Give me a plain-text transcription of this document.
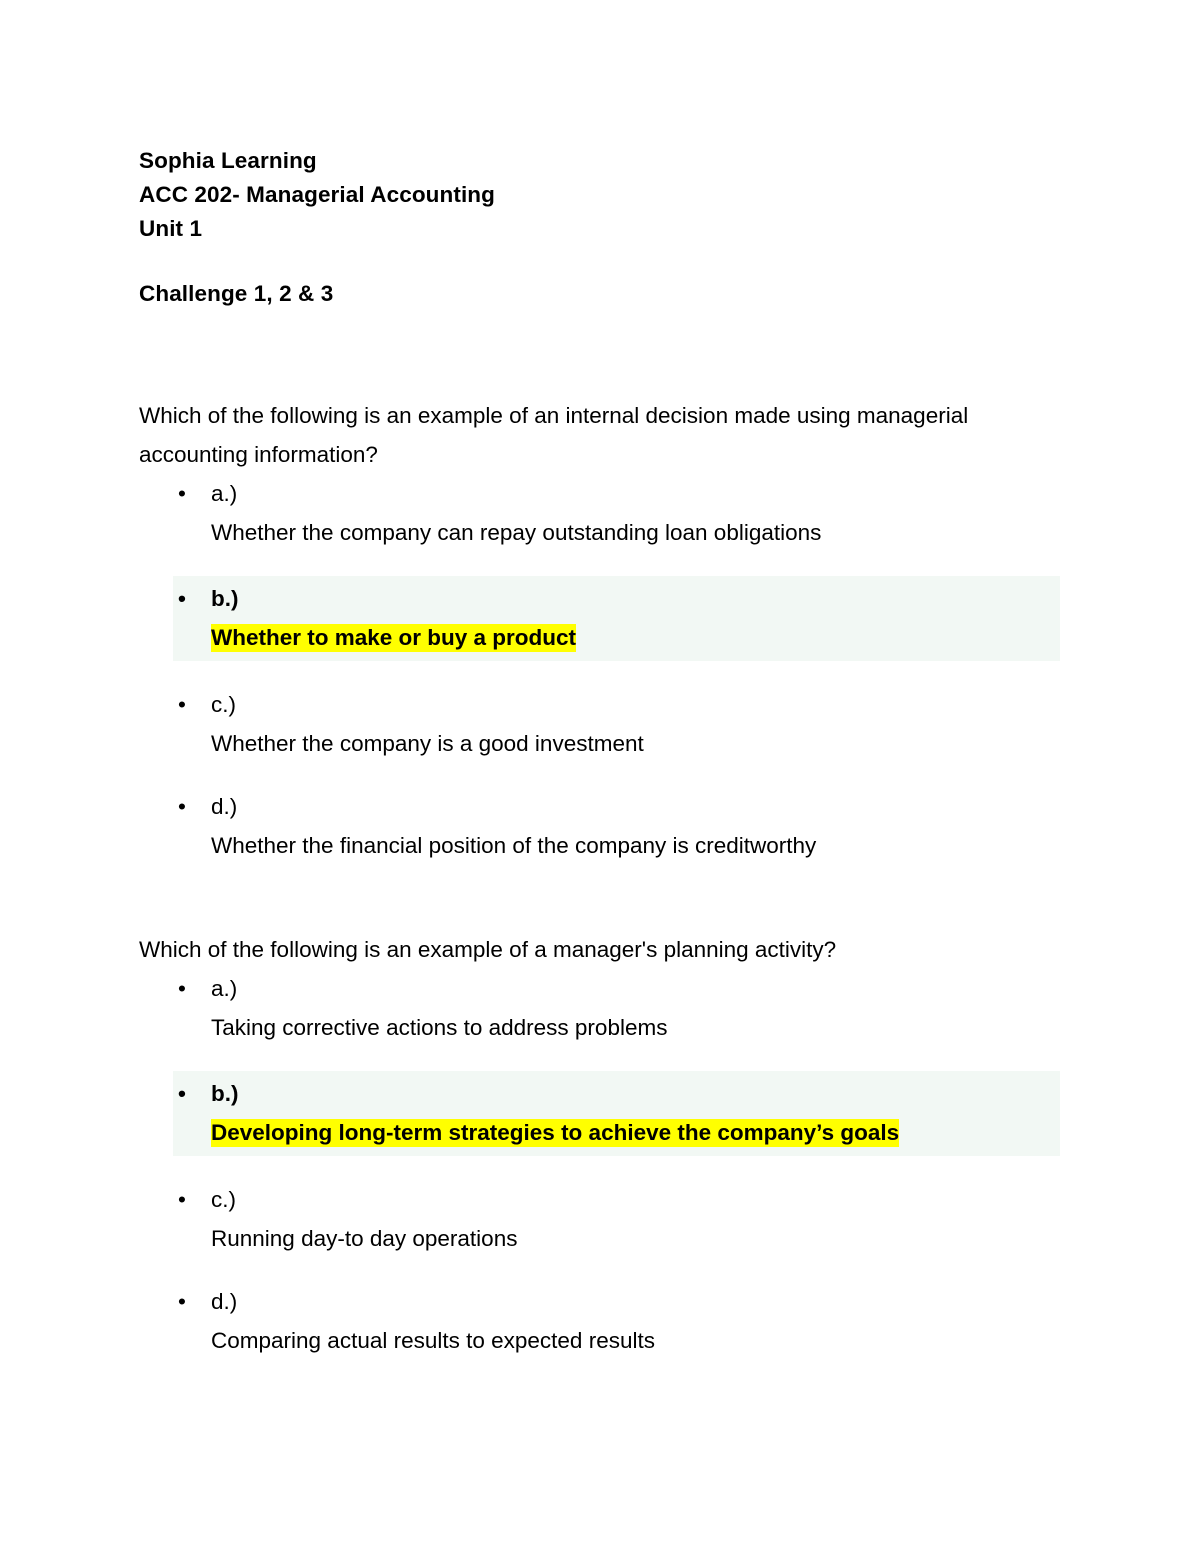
Sophia Learning
ACC 202- Managerial Accounting
Unit 1
Challenge 1, 2 & 3
Which of the following is an example of an internal decision made using managerial accounting information?
• a.)
Whether the company can repay outstanding loan obligations
• b.)
Whether to make or buy a product
• c.)
Whether the company is a good investment
• d.)
Whether the financial position of the company is creditworthy
Which of the following is an example of a manager's planning activity?
• a.)
Taking corrective actions to address problems
• b.)
Developing long-term strategies to achieve the company’s goals
• c.)
Running day-to day operations
• d.)
Comparing actual results to expected results
